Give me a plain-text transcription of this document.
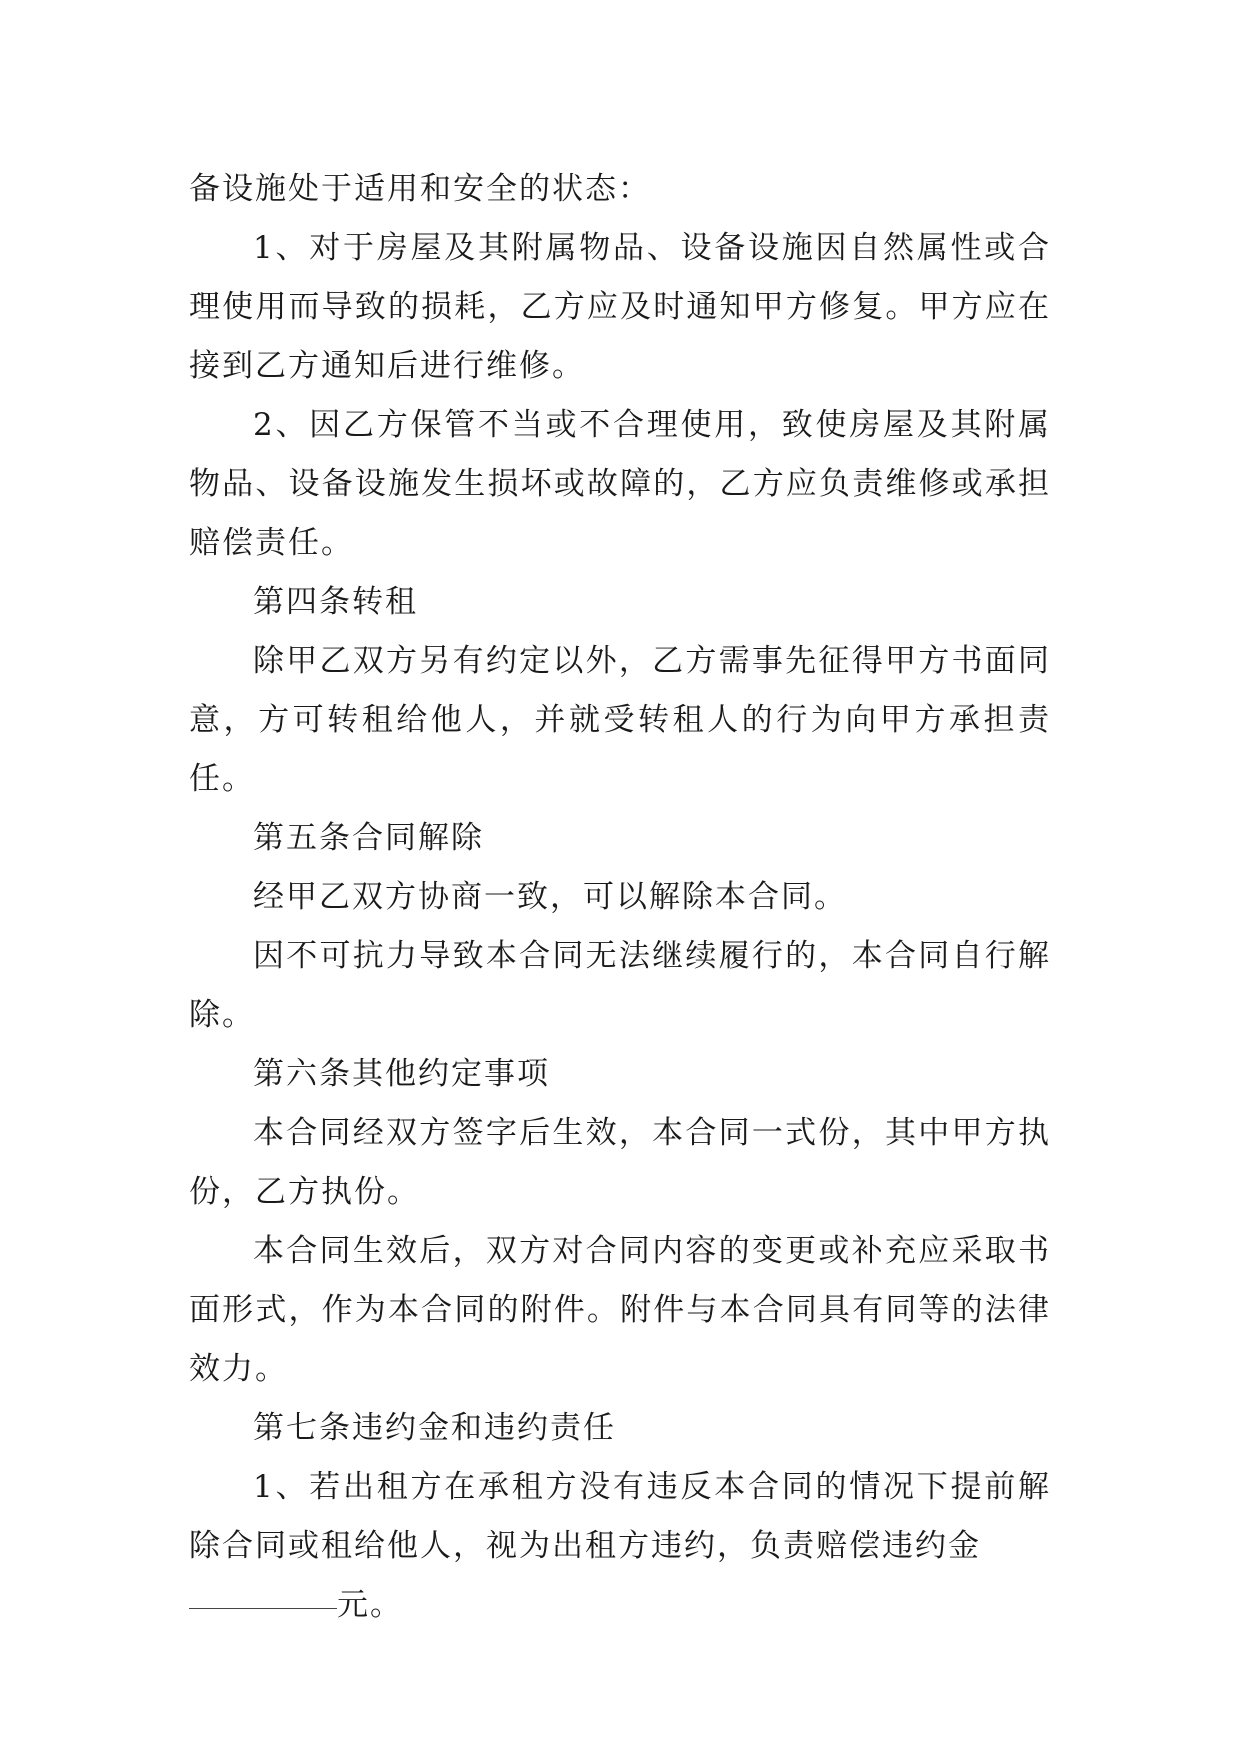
备设施处于适用和安全的状态：

1、对于房屋及其附属物品、设备设施因自然属性或合理使用而导致的损耗，乙方应及时通知甲方修复。甲方应在接到乙方通知后进行维修。

2、因乙方保管不当或不合理使用，致使房屋及其附属物品、设备设施发生损坏或故障的，乙方应负责维修或承担赔偿责任。

第四条转租

除甲乙双方另有约定以外，乙方需事先征得甲方书面同意，方可转租给他人，并就受转租人的行为向甲方承担责任。

第五条合同解除

经甲乙双方协商一致，可以解除本合同。

因不可抗力导致本合同无法继续履行的，本合同自行解除。

第六条其他约定事项

本合同经双方签字后生效，本合同一式份，其中甲方执份，乙方执份。

本合同生效后，双方对合同内容的变更或补充应采取书面形式，作为本合同的附件。附件与本合同具有同等的法律效力。

第七条违约金和违约责任

1、若出租方在承租方没有违反本合同的情况下提前解除合同或租给他人，视为出租方违约，负责赔偿违约金
元。
